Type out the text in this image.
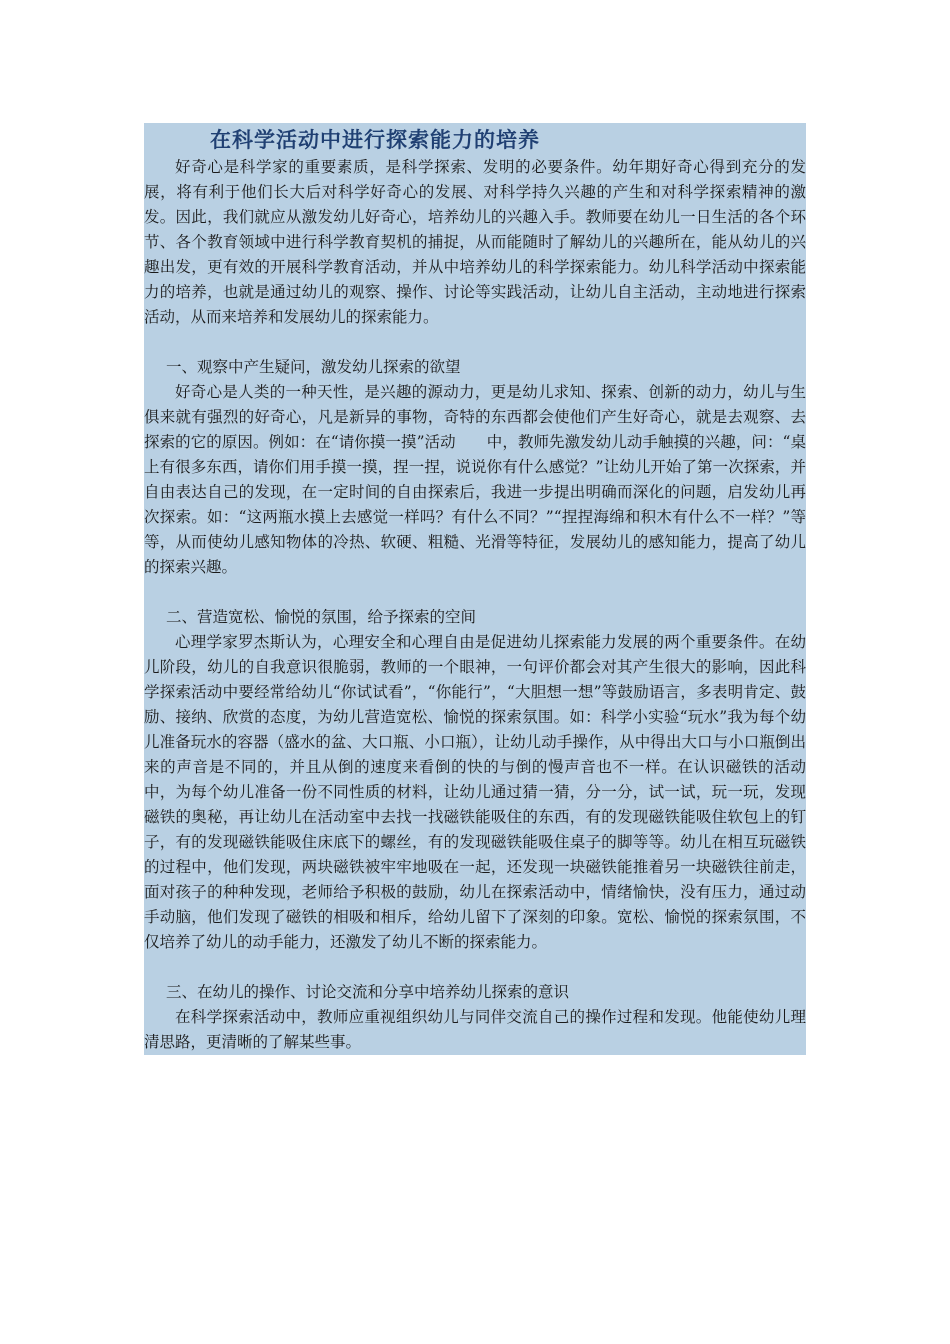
在科学活动中进行探索能力的培养

好奇心是科学家的重要素质，是科学探索、发明的必要条件。幼年期好奇心得到充分的发展，将有利于他们长大后对科学好奇心的发展、对科学持久兴趣的产生和对科学探索精神的激发。因此，我们就应从激发幼儿好奇心，培养幼儿的兴趣入手。教师要在幼儿一日生活的各个环节、各个教育领域中进行科学教育契机的捕捉，从而能随时了解幼儿的兴趣所在，能从幼儿的兴趣出发，更有效的开展科学教育活动，并从中培养幼儿的科学探索能力。幼儿科学活动中探索能力的培养，也就是通过幼儿的观察、操作、讨论等实践活动，让幼儿自主活动，主动地进行探索活动，从而来培养和发展幼儿的探索能力。

一、观察中产生疑问，激发幼儿探索的欲望

好奇心是人类的一种天性，是兴趣的源动力，更是幼儿求知、探索、创新的动力，幼儿与生俱来就有强烈的好奇心，凡是新异的事物，奇特的东西都会使他们产生好奇心，就是去观察、去探索的它的原因。例如：在“请你摸一摸”活动　　中，教师先激发幼儿动手触摸的兴趣，问：“桌上有很多东西，请你们用手摸一摸，捏一捏，说说你有什么感觉？”让幼儿开始了第一次探索，并自由表达自己的发现，在一定时间的自由探索后，我进一步提出明确而深化的问题，启发幼儿再次探索。如：“这两瓶水摸上去感觉一样吗？有什么不同？”“捏捏海绵和积木有什么不一样？”等等，从而使幼儿感知物体的冷热、软硬、粗糙、光滑等特征，发展幼儿的感知能力，提高了幼儿的探索兴趣。

二、营造宽松、愉悦的氛围，给予探索的空间

心理学家罗杰斯认为，心理安全和心理自由是促进幼儿探索能力发展的两个重要条件。在幼儿阶段，幼儿的自我意识很脆弱，教师的一个眼神，一句评价都会对其产生很大的影响，因此科学探索活动中要经常给幼儿“你试试看”，“你能行”，“大胆想一想”等鼓励语言，多表明肯定、鼓励、接纳、欣赏的态度，为幼儿营造宽松、愉悦的探索氛围。如：科学小实验“玩水”我为每个幼儿准备玩水的容器（盛水的盆、大口瓶、小口瓶），让幼儿动手操作，从中得出大口与小口瓶倒出来的声音是不同的，并且从倒的速度来看倒的快的与倒的慢声音也不一样。在认识磁铁的活动中，为每个幼儿准备一份不同性质的材料，让幼儿通过猜一猜，分一分，试一试，玩一玩，发现磁铁的奥秘，再让幼儿在活动室中去找一找磁铁能吸住的东西，有的发现磁铁能吸住软包上的钉子，有的发现磁铁能吸住床底下的螺丝，有的发现磁铁能吸住桌子的脚等等。幼儿在相互玩磁铁的过程中，他们发现，两块磁铁被牢牢地吸在一起，还发现一块磁铁能推着另一块磁铁往前走，面对孩子的种种发现，老师给予积极的鼓励，幼儿在探索活动中，情绪愉快，没有压力，通过动手动脑，他们发现了磁铁的相吸和相斥，给幼儿留下了深刻的印象。宽松、愉悦的探索氛围，不仅培养了幼儿的动手能力，还激发了幼儿不断的探索能力。

三、在幼儿的操作、讨论交流和分享中培养幼儿探索的意识

在科学探索活动中，教师应重视组织幼儿与同伴交流自己的操作过程和发现。他能使幼儿理清思路，更清晰的了解某些事。
